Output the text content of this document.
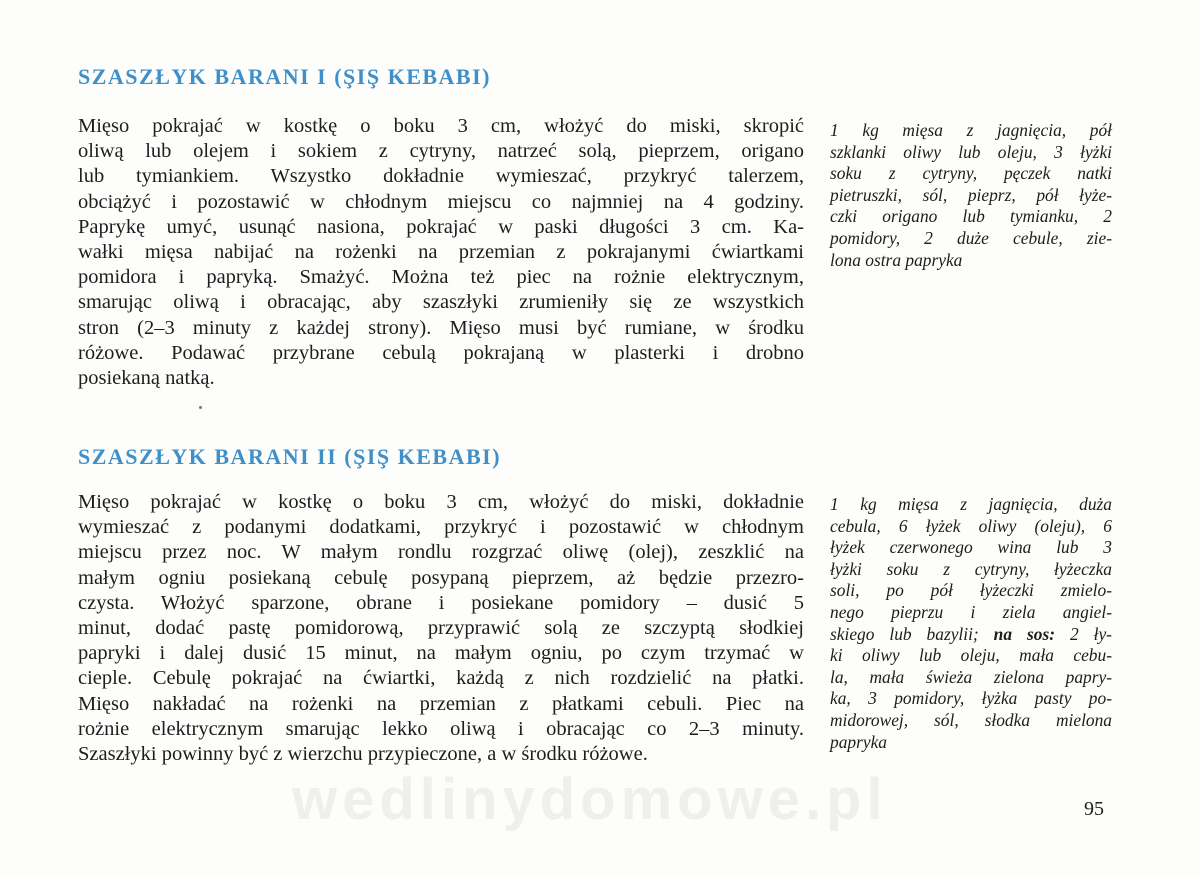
SZASZŁYK BARANI I (ŞIŞ KEBABI)
Mięso pokrajać w kostkę o boku 3 cm, włożyć do miski, skropić
oliwą lub olejem i sokiem z cytryny, natrzeć solą, pieprzem, origano
lub tymiankiem. Wszystko dokładnie wymieszać, przykryć talerzem,
obciążyć i pozostawić w chłodnym miejscu co najmniej na 4 godziny.
Paprykę umyć, usunąć nasiona, pokrajać w paski długości 3 cm. Ka-
wałki mięsa nabijać na rożenki na przemian z pokrajanymi ćwiartkami
pomidora i papryką. Smażyć. Można też piec na rożnie elektrycznym,
smarując oliwą i obracając, aby szaszłyki zrumieniły się ze wszystkich
stron (2–3 minuty z każdej strony). Mięso musi być rumiane, w środku
różowe. Podawać przybrane cebulą pokrajaną w plasterki i drobno
posiekaną natką.
1 kg mięsa z jagnięcia, pół
szklanki oliwy lub oleju, 3 łyżki
soku z cytryny, pęczek natki
pietruszki, sól, pieprz, pół łyże-
czki origano lub tymianku, 2
pomidory, 2 duże cebule, zie-
lona ostra papryka
SZASZŁYK BARANI II (ŞIŞ KEBABI)
Mięso pokrajać w kostkę o boku 3 cm, włożyć do miski, dokładnie
wymieszać z podanymi dodatkami, przykryć i pozostawić w chłodnym
miejscu przez noc. W małym rondlu rozgrzać oliwę (olej), zeszklić na
małym ogniu posiekaną cebulę posypaną pieprzem, aż będzie przezro-
czysta. Włożyć sparzone, obrane i posiekane pomidory – dusić 5
minut, dodać pastę pomidorową, przyprawić solą ze szczyptą słodkiej
papryki i dalej dusić 15 minut, na małym ogniu, po czym trzymać w
cieple. Cebulę pokrajać na ćwiartki, każdą z nich rozdzielić na płatki.
Mięso nakładać na rożenki na przemian z płatkami cebuli. Piec na
rożnie elektrycznym smarując lekko oliwą i obracając co 2–3 minuty.
Szaszłyki powinny być z wierzchu przypieczone, a w środku różowe.
1 kg mięsa z jagnięcia, duża
cebula, 6 łyżek oliwy (oleju), 6
łyżek czerwonego wina lub 3
łyżki soku z cytryny, łyżeczka
soli, po pół łyżeczki zmielo-
nego pieprzu i ziela angiel-
skiego lub bazylii; na sos: 2 ły-
ki oliwy lub oleju, mała cebu-
la, mała świeża zielona papry-
ka, 3 pomidory, łyżka pasty po-
midorowej, sól, słodka mielona
papryka
wedlinydomowe.pl	95
